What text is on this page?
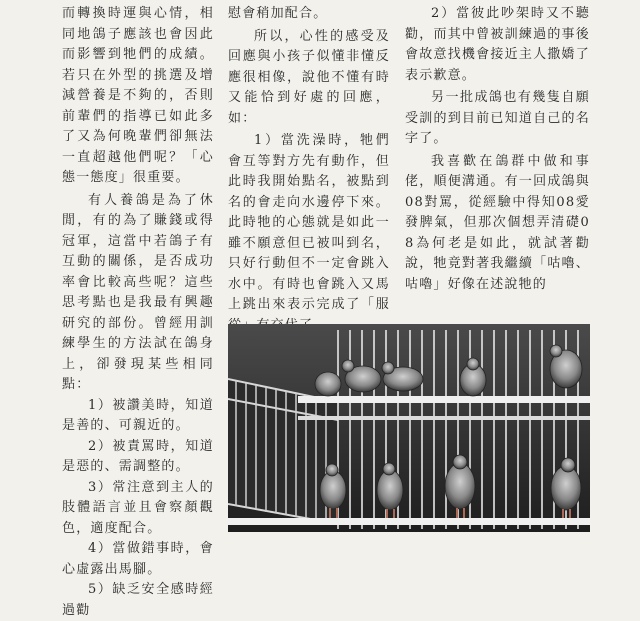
而轉換時運與心情，相同地鴿子應該也會因此而影響到牠們的成績。若只在外型的挑選及增減營養是不夠的，否則前輩們的指導已如此多了又為何晚輩們卻無法一直超越他們呢？「心態一態度」很重要。

有人養鴿是為了休閒，有的為了賺錢或得冠軍，這當中若鴿子有互動的關係，是否成功率會比較高些呢？這些思考點也是我最有興趣研究的部份。曾經用訓練學生的方法試在鴿身上，卻發現某些相同點：

1）被讚美時，知道是善的、可親近的。

2）被責罵時，知道是惡的、需調整的。

3）常注意到主人的肢體語言並且會察顏觀色，適度配合。

4）當做錯事時，會心虛露出馬腳。

5）缺乏安全感時經過勸

慰會稍加配合。

所以，心性的感受及回應與小孩子似懂非懂反應很相像，說他不懂有時又能恰到好處的回應，如：

1）當洗澡時，牠們會互等對方先有動作，但此時我開始點名，被點到名的會走向水邊停下來。此時牠的心態就是如此一雖不願意但已被叫到名，只好行動但不一定會跳入水中。有時也會跳入又馬上跳出來表示完成了「服

2）當彼此吵架時又不聽勸，而其中曾被訓練過的事後會故意找機會接近主人撒嬌了表示歉意。

另一批成鴿也有幾隻自願受訓的到目前已知道自己的名字了。

我喜歡在鴿群中做和事佬，順便溝通。有一回成鴿與08對罵，從經驗中得知08愛發脾氣，但那次個想弄清礎08為何老是如此，就試著勸說，牠竟對著我繼續「咕嚕、咕嚕」好像在述說牠的
